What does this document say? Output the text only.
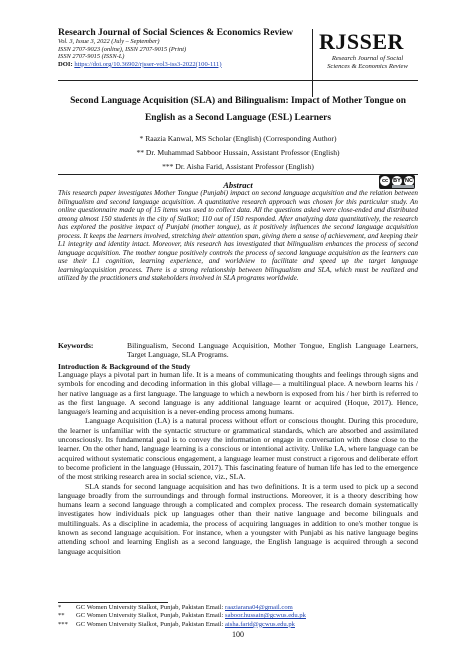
Research Journal of Social Sciences & Economics Review
Vol. 3, Issue 3, 2022 (July – September)
ISSN 2707-9023 (online), ISSN 2707-9015 (Print)
ISSN 2707-9015 (ISSN-L)
DOI: https://doi.org/10.36902/rjsser-vol3-iss3-2022(100-111)
RJSSER
Research Journal of Social
Sciences & Economics Review
Second Language Acquisition (SLA) and Bilingualism: Impact of Mother Tongue on
English as a Second Language (ESL) Learners
* Raazia Kanwal, MS Scholar (English) (Corresponding Author)
** Dr. Muhammad Sabboor Hussain, Assistant Professor (English)
*** Dr. Aisha Farid, Assistant Professor (English)
Abstract	cc BY NC
This research paper investigates Mother Tongue (Punjabi) impact on second language acquisition and the relation between bilingualism and second language acquisition. A quantitative research approach was chosen for this particular study. An online questionnaire made up of 15 items was used to collect data. All the questions asked were close-ended and distributed among almost 150 students in the city of Sialkot; 110 out of 150 responded. After analyzing data quantitatively, the research has explored the positive impact of Punjabi (mother tongue), as it positively influences the second language acquisition process. It keeps the learners involved, stretching their attention span, giving them a sense of achievement, and keeping their L1 integrity and identity intact. Moreover, this research has investigated that bilingualism enhances the process of second language acquisition. The mother tongue positively controls the process of second language acquisition as the learners can use their L1 cognition, learning experience, and worldview to facilitate and speed up the target language learning/acquisition process. There is a strong relationship between bilingualism and SLA, which must be realized and utilized by the practitioners and stakeholders involved in SLA programs worldwide.
Keywords:	Bilingualism, Second Language Acquisition, Mother Tongue, English Language Learners, Target Language, SLA Programs.
Introduction & Background of the Study

Language plays a pivotal part in human life. It is a means of communicating thoughts and feelings through signs and symbols for encoding and decoding information in this global village— a multilingual place. A newborn learns his / her native language as a first language. The language to which a newborn is exposed from his / her birth is referred to as the first language. A second language is any additional language learnt or acquired (Hoque, 2017). Hence, language/s learning and acquisition is a never-ending process among humans.

Language Acquisition (LA) is a natural process without effort or conscious thought. During this procedure, the learner is unfamiliar with the syntactic structure or grammatical standards, which are absorbed and assimilated unconsciously. Its fundamental goal is to convey the information or engage in conversation with those close to the learner. On the other hand, language learning is a conscious or intentional activity. Unlike LA, where language can be acquired without systematic conscious engagement, a language learner must construct a rigorous and deliberate effort to become proficient in the language (Hussain, 2017). This fascinating feature of human life has led to the emergence of the most striking research area in social science, viz., SLA.

SLA stands for second language acquisition and has two definitions. It is a term used to pick up a second language broadly from the surroundings and through formal instructions. Moreover, it is a theory describing how humans learn a second language through a complicated and complex process. The research domain systematically investigates how individuals pick up languages other than their native language and become bilinguals and multilinguals. As a discipline in academia, the process of acquiring languages in addition to one's mother tongue is known as second language acquisition. For instance, when a youngster with Punjabi as his native language begins attending school and learning English as a second language, the English language is acquired through a second language acquisition

* GC Women University Sialkot, Punjab, Pakistan Email: raaziarana04@gmail.com
** GC Women University Sialkot, Punjab, Pakistan Email: saboor.hussain@gcwus.edu.pk
*** GC Women University Sialkot, Punjab, Pakistan Email: aisha.farid@gcwus.edu.pk
100
